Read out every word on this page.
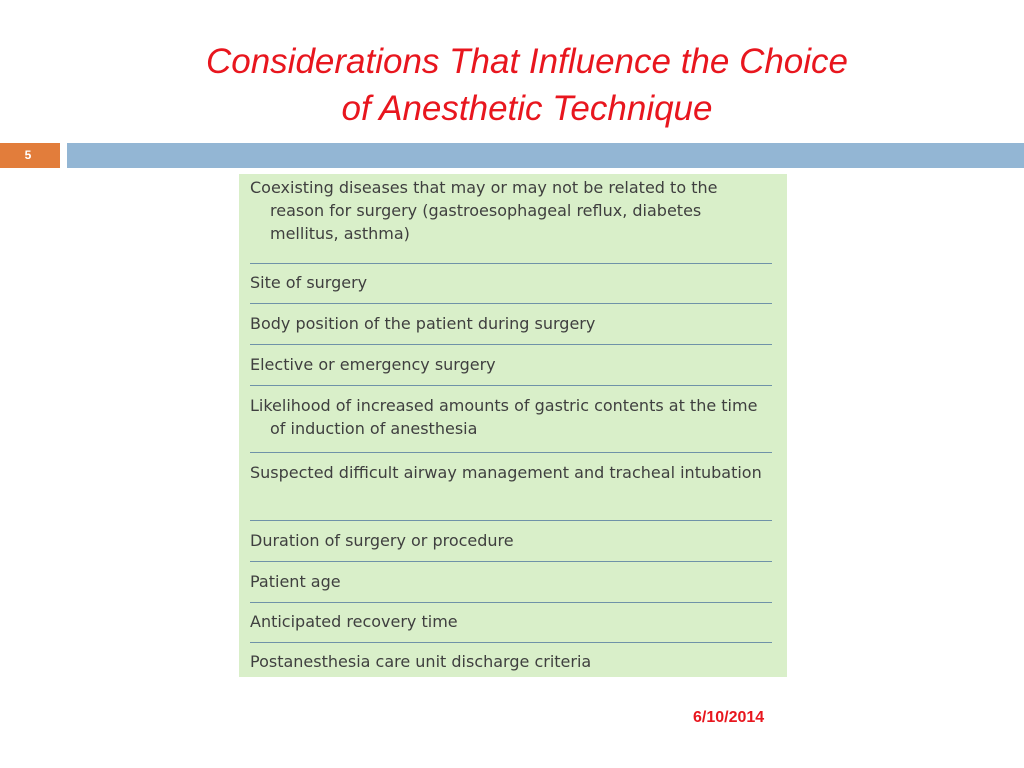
Considerations That Influence the Choice
of Anesthetic Technique
5
Coexisting diseases that may or may not be related to the reason for surgery (gastroesophageal reflux, diabetes mellitus, asthma)
Site of surgery
Body position of the patient during surgery
Elective or emergency surgery
Likelihood of increased amounts of gastric contents at the time of induction of anesthesia
Suspected difficult airway management and tracheal intubation
Duration of surgery or procedure
Patient age
Anticipated recovery time
Postanesthesia care unit discharge criteria
6/10/2014
